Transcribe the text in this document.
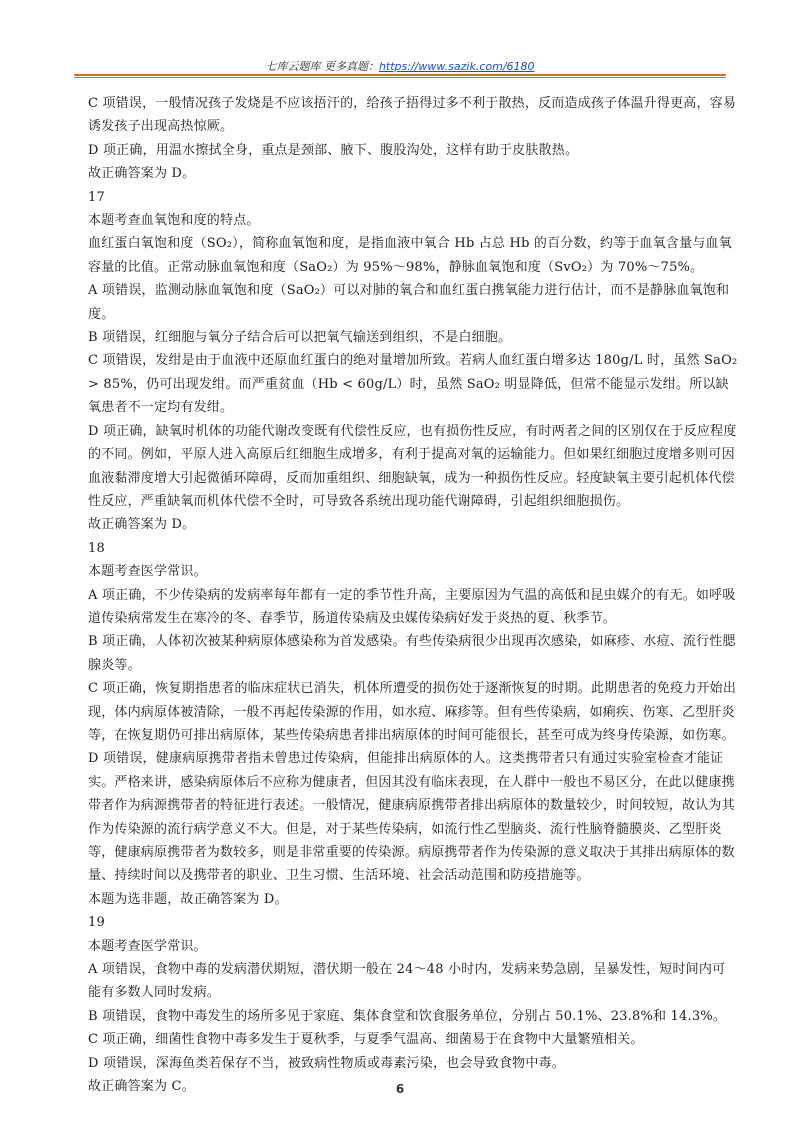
七库云题库 更多真题：https://www.sazik.com/6180

C 项错误，一般情况孩子发烧是不应该捂汗的，给孩子捂得过多不利于散热，反而造成孩子体温升得更高，容易诱发孩子出现高热惊厥。

D 项正确，用温水擦拭全身，重点是颈部、腋下、腹股沟处，这样有助于皮肤散热。

故正确答案为 D。

17

本题考查血氧饱和度的特点。

血红蛋白氧饱和度（SO₂），简称血氧饱和度，是指血液中氧合 Hb 占总 Hb 的百分数，约等于血氧含量与血氧容量的比值。正常动脉血氧饱和度（SaO₂）为 95%～98%，静脉血氧饱和度（SvO₂）为 70%～75%。

A 项错误，监测动脉血氧饱和度（SaO₂）可以对肺的氧合和血红蛋白携氧能力进行估计，而不是静脉血氧饱和度。

B 项错误，红细胞与氧分子结合后可以把氧气输送到组织，不是白细胞。

C 项错误，发绀是由于血液中还原血红蛋白的绝对量增加所致。若病人血红蛋白增多达 180g/L 时，虽然 SaO₂ > 85%，仍可出现发绀。而严重贫血（Hb < 60g/L）时，虽然 SaO₂ 明显降低，但常不能显示发绀。所以缺氧患者不一定均有发绀。

D 项正确，缺氧时机体的功能代谢改变既有代偿性反应，也有损伤性反应，有时两者之间的区别仅在于反应程度的不同。例如，平原人进入高原后红细胞生成增多，有利于提高对氧的运输能力。但如果红细胞过度增多则可因血液黏滞度增大引起微循环障碍，反而加重组织、细胞缺氧，成为一种损伤性反应。轻度缺氧主要引起机体代偿性反应，严重缺氧而机体代偿不全时，可导致各系统出现功能代谢障碍，引起组织细胞损伤。

故正确答案为 D。

18

本题考查医学常识。

A 项正确，不少传染病的发病率每年都有一定的季节性升高，主要原因为气温的高低和昆虫媒介的有无。如呼吸道传染病常发生在寒冷的冬、春季节，肠道传染病及虫媒传染病好发于炎热的夏、秋季节。

B 项正确，人体初次被某种病原体感染称为首发感染。有些传染病很少出现再次感染，如麻疹、水痘、流行性腮腺炎等。

C 项正确，恢复期指患者的临床症状已消失，机体所遭受的损伤处于逐渐恢复的时期。此期患者的免疫力开始出现，体内病原体被清除，一般不再起传染源的作用，如水痘、麻疹等。但有些传染病，如痢疾、伤寒、乙型肝炎等，在恢复期仍可排出病原体，某些传染病患者排出病原体的时间可能很长，甚至可成为终身传染源，如伤寒。

D 项错误，健康病原携带者指未曾患过传染病，但能排出病原体的人。这类携带者只有通过实验室检查才能证实。严格来讲，感染病原体后不应称为健康者，但因其没有临床表现，在人群中一般也不易区分，在此以健康携带者作为病源携带者的特征进行表述。一般情况，健康病原携带者排出病原体的数量较少，时间较短，故认为其作为传染源的流行病学意义不大。但是，对于某些传染病，如流行性乙型脑炎、流行性脑脊髓膜炎、乙型肝炎等，健康病原携带者为数较多，则是非常重要的传染源。病原携带者作为传染源的意义取决于其排出病原体的数量、持续时间以及携带者的职业、卫生习惯、生活环境、社会活动范围和防疫措施等。

本题为选非题，故正确答案为 D。

19

本题考查医学常识。

A 项错误，食物中毒的发病潜伏期短，潜伏期一般在 24～48 小时内，发病来势急剧，呈暴发性，短时间内可能有多数人同时发病。

B 项错误，食物中毒发生的场所多见于家庭、集体食堂和饮食服务单位，分别占 50.1%、23.8%和 14.3%。

C 项正确，细菌性食物中毒多发生于夏秋季，与夏季气温高、细菌易于在食物中大量繁殖相关。

D 项错误，深海鱼类若保存不当，被致病性物质或毒素污染，也会导致食物中毒。

故正确答案为 C。	6
